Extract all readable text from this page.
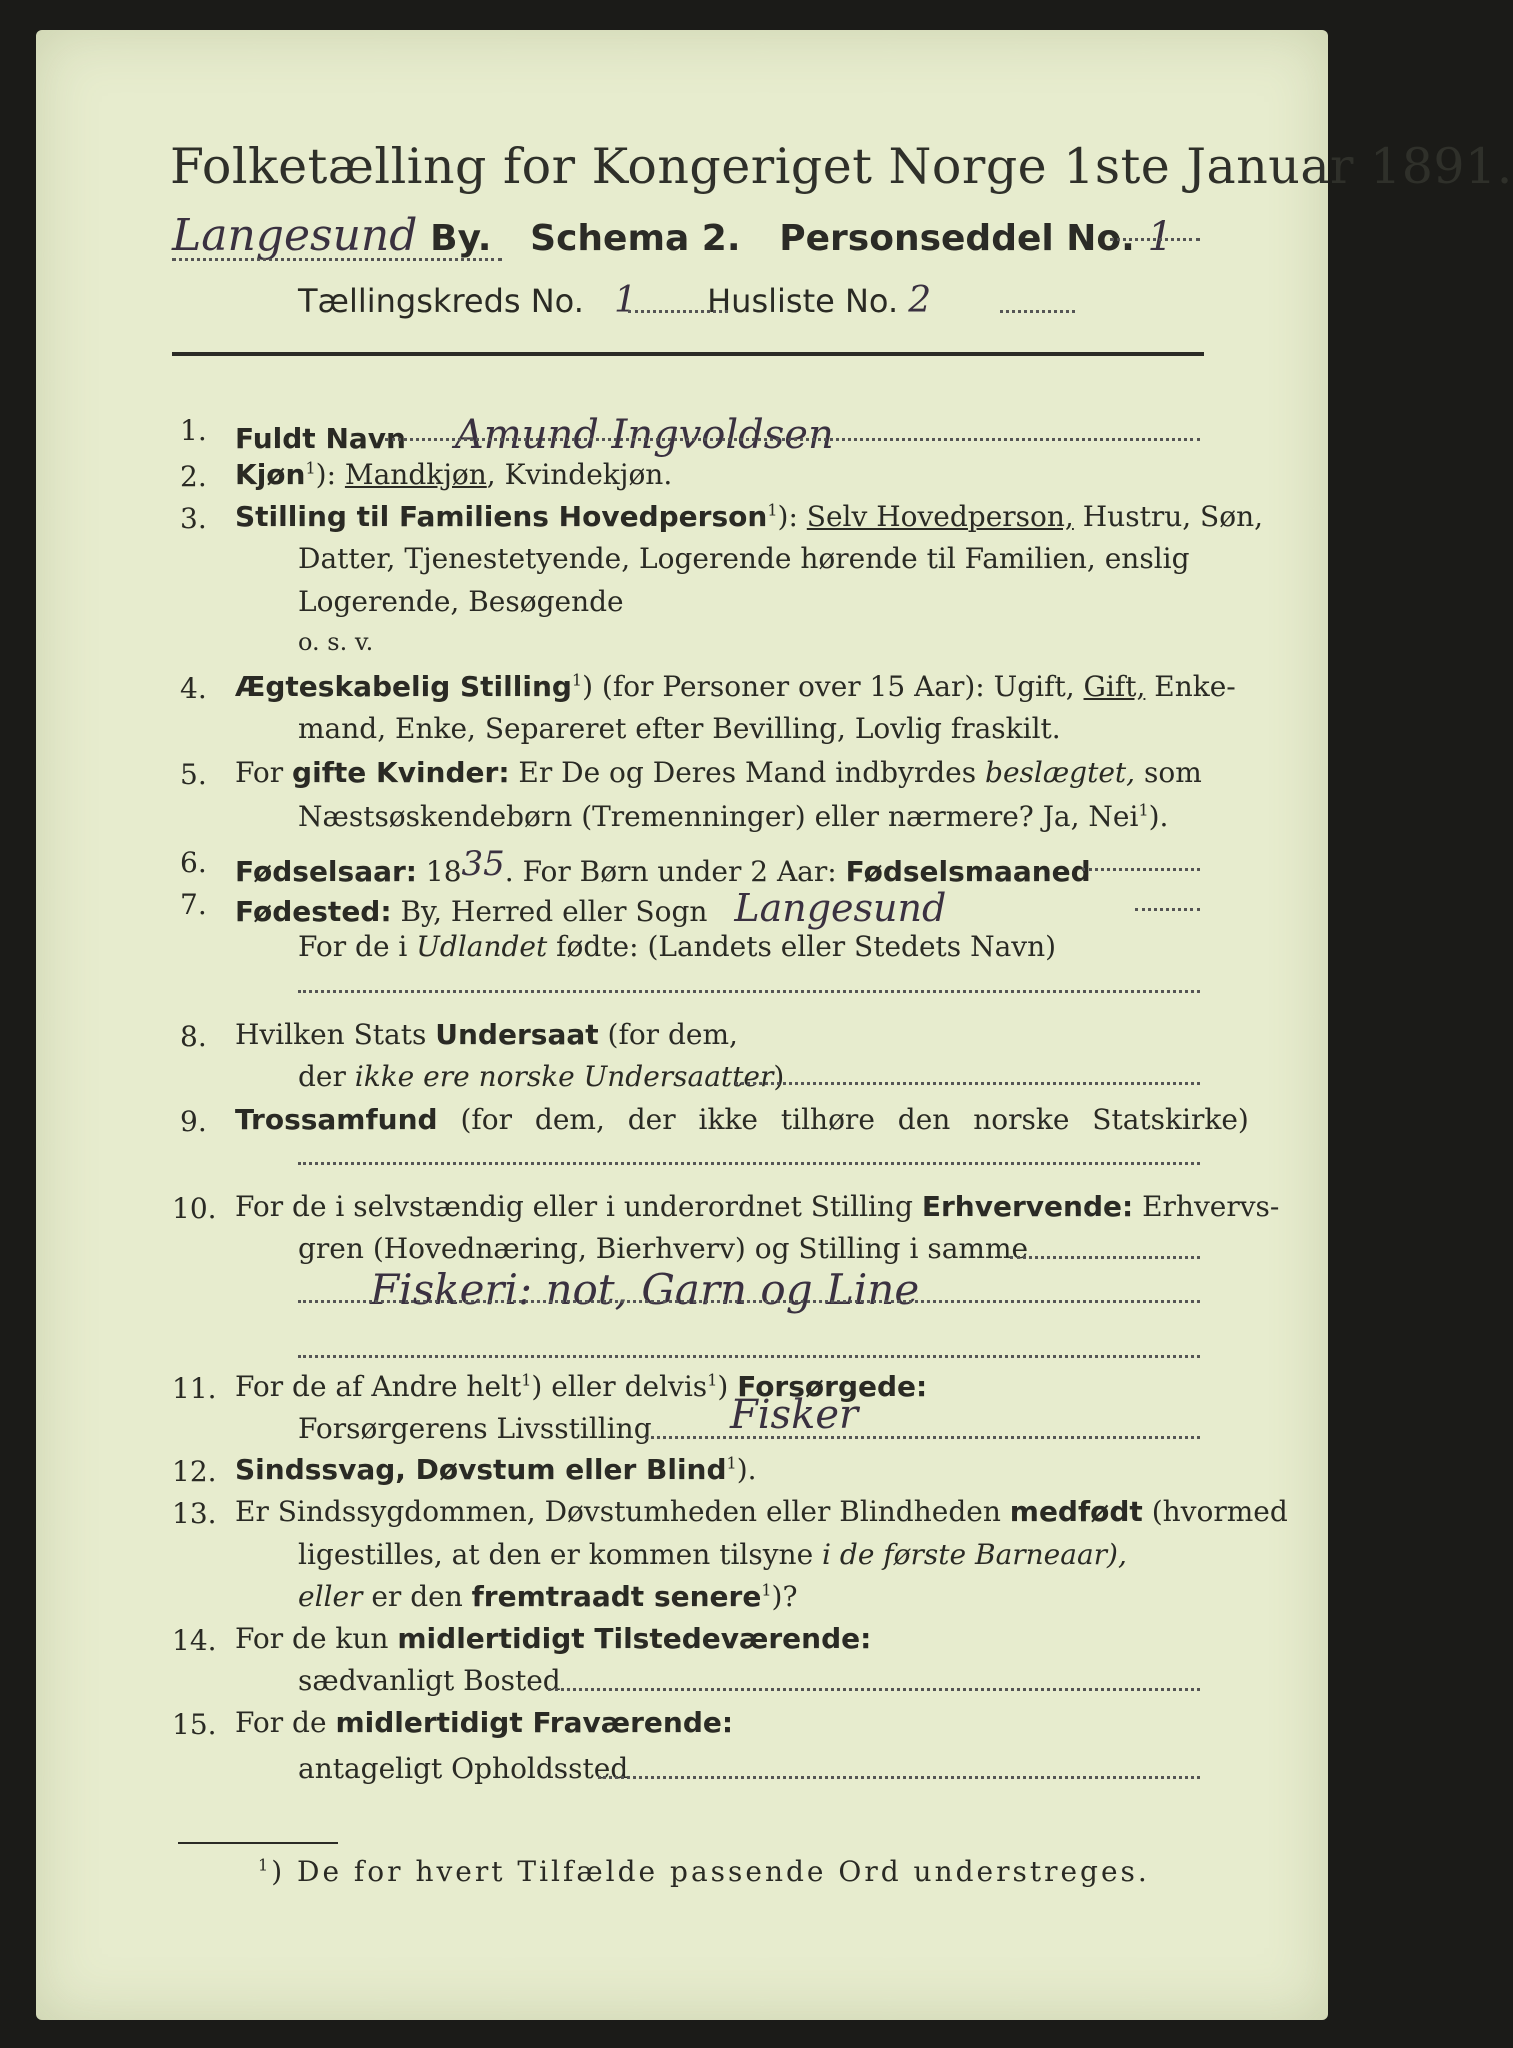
Folketælling for Kongeriget Norge 1ste Januar 1891.
Langesund By. Schema 2. Personseddel No. 1
Tællingskreds No. 1 Husliste No. 2
1. Fuldt Navn Amund Ingvoldsen
2. Kjøn$^1$): Mandkjøn, Kvindekjøn.
3. Stilling til Familiens Hovedperson$^1$): Selv Hovedperson, Hustru, Søn,
Datter, Tjenestetyende, Logerende hørende til Familien, enslig
Logerende, Besøgende
o. s. v.
4. Ægteskabelig Stilling$^1$) (for Personer over 15 Aar): Ugift, Gift, Enke-
mand, Enke, Separeret efter Bevilling, Lovlig fraskilt.
5. For gifte Kvinder: Er De og Deres Mand indbyrdes beslægtet, som
Næstsøskendebørn (Tremenninger) eller nærmere? Ja, Nei$^1$).
6. Fødselsaar: 1835. For Børn under 2 Aar: Fødselsmaaned
7. Fødested: By, Herred eller Sogn Langesund
For de i Udlandet fødte: (Landets eller Stedets Navn)
8. Hvilken Stats Undersaat (for dem,
der ikke ere norske Undersaatter)
9. Trossamfund (for dem, der ikke tilhøre den norske Statskirke)
10. For de i selvstændig eller i underordnet Stilling Erhvervende: Erhvervs-
gren (Hovednæring, Bierhverv) og Stilling i samme
Fiskeri: not, Garn og Line
11. For de af Andre helt$^1$) eller delvis$^1$) Forsørgede:
Forsørgerens Livsstilling Fisker
12. Sindssvag, Døvstum eller Blind$^1$).
13. Er Sindssygdommen, Døvstumheden eller Blindheden medfødt (hvormed
ligestilles, at den er kommen tilsyne i de første Barneaar),
eller er den fremtraadt senere$^1$)?
14. For de kun midlertidigt Tilstedeværende:
sædvanligt Bosted
15. For de midlertidigt Fraværende:
antageligt Opholdssted
$^1$) De for hvert Tilfælde passende Ord understreges.
